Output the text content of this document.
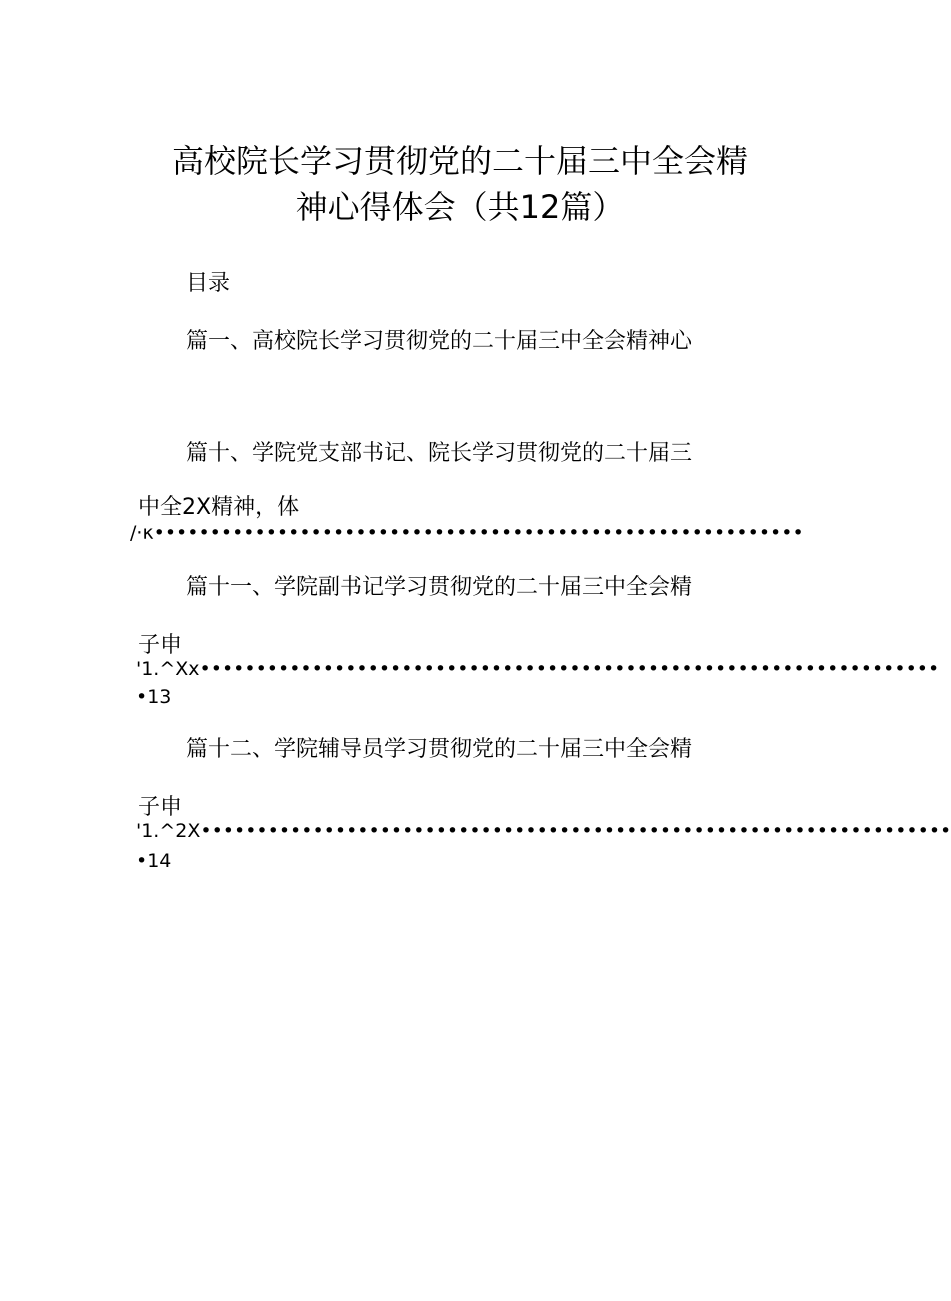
高校院长学习贯彻党的二十届三中全会精
神心得体会（共12篇）
目录
篇一、高校院长学习贯彻党的二十届三中全会精神心
篇十、学院党支部书记、院长学习贯彻党的二十届三
中全2X精神，体
/·κ••••••••••••••••••••••••••••••••••••••••••••••••••••••••••
篇十一、学院副书记学习贯彻党的二十届三中全会精
子申
'1.^Xx••••••••••••••••••••••••••••••••••••••••••••••••••••••••••••••••••
•13
篇十二、学院辅导员学习贯彻党的二十届三中全会精
子申
'1.^2X•••••••••••••••••••••••••••••••••••••••••••••••••••••••••••••••••••
•14
